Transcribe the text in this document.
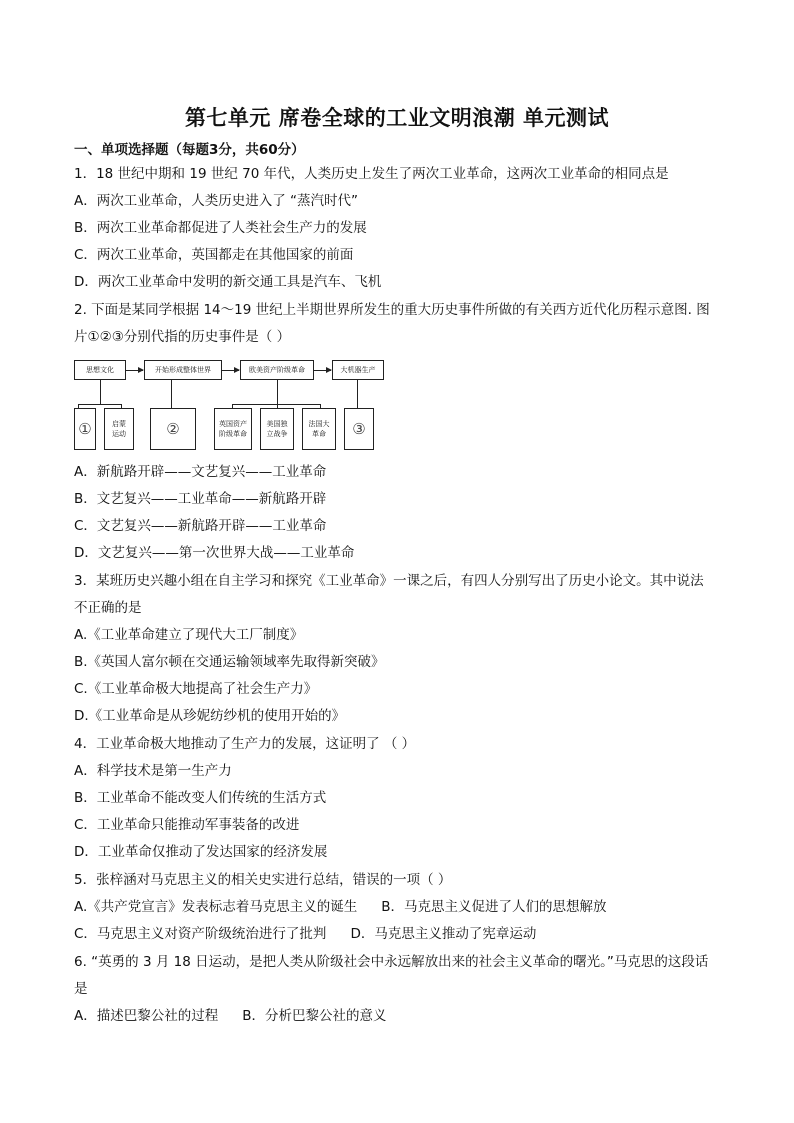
第七单元 席卷全球的工业文明浪潮 单元测试
一、单项选择题（每题3分，共60分）
1．18 世纪中期和 19 世纪 70 年代，人类历史上发生了两次工业革命，这两次工业革命的相同点是
A．两次工业革命，人类历史进入了 “蒸汽时代”
B．两次工业革命都促进了人类社会生产力的发展
C．两次工业革命，英国都走在其他国家的前面
D．两次工业革命中发明的新交通工具是汽车、飞机
2. 下面是某同学根据 14～19 世纪上半期世界所发生的重大历史事件所做的有关西方近代化历程示意图. 图
片①②③分别代指的历史事件是（ ）
思想文化	开始形成整体世界	欧美资产阶级革命	大机器生产
①	启蒙
运动	②	英国资产
阶级革命
美国独
立战争
法国大
革命	③
A．新航路开辟——文艺复兴——工业革命
B．文艺复兴——工业革命——新航路开辟
C．文艺复兴——新航路开辟——工业革命
D．文艺复兴——第一次世界大战——工业革命
3．某班历史兴趣小组在自主学习和探究《工业革命》一课之后，有四人分别写出了历史小论文。其中说法
不正确的是
A.《工业革命建立了现代大工厂制度》
B.《英国人富尔顿在交通运输领域率先取得新突破》
C.《工业革命极大地提高了社会生产力》
D.《工业革命是从珍妮纺纱机的使用开始的》
4．工业革命极大地推动了生产力的发展，这证明了 （ ）
A．科学技术是第一生产力
B．工业革命不能改变人们传统的生活方式
C．工业革命只能推动军事装备的改进
D．工业革命仅推动了发达国家的经济发展
5．张梓涵对马克思主义的相关史实进行总结，错误的一项（ ）
A.《共产党宣言》发表标志着马克思主义的诞生 B．马克思主义促进了人们的思想解放
C．马克思主义对资产阶级统治进行了批判 D．马克思主义推动了宪章运动
6. “英勇的 3 月 18 日运动，是把人类从阶级社会中永远解放出来的社会主义革命的曙光。”马克思的这段话
是
A．描述巴黎公社的过程 B．分析巴黎公社的意义
